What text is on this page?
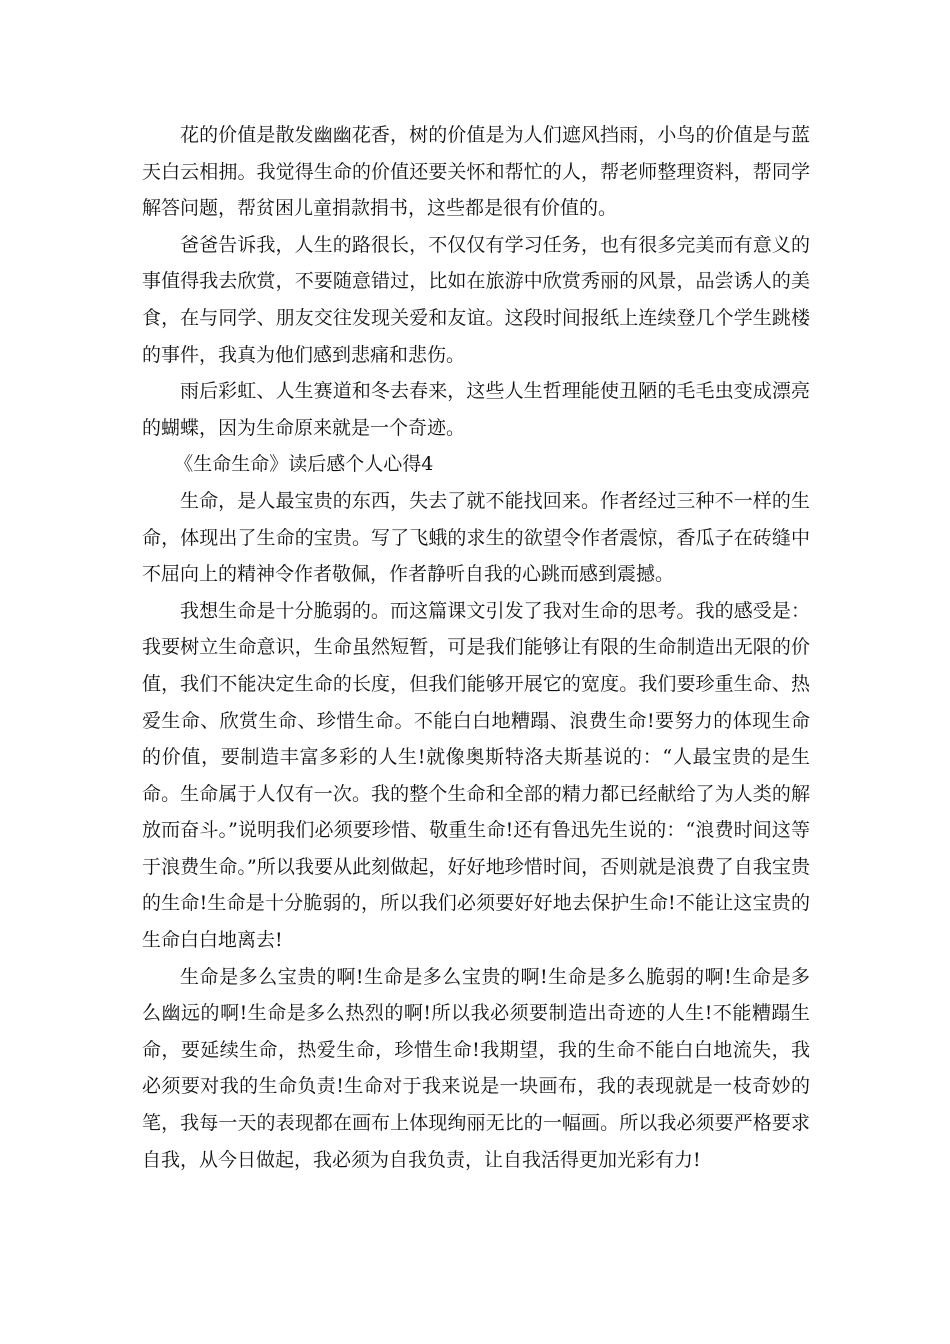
花的价值是散发幽幽花香，树的价值是为人们遮风挡雨，小鸟的价值是与蓝天白云相拥。我觉得生命的价值还要关怀和帮忙的人，帮老师整理资料，帮同学解答问题，帮贫困儿童捐款捐书，这些都是很有价值的。

爸爸告诉我，人生的路很长，不仅仅有学习任务，也有很多完美而有意义的事值得我去欣赏，不要随意错过，比如在旅游中欣赏秀丽的风景，品尝诱人的美食，在与同学、朋友交往发现关爱和友谊。这段时间报纸上连续登几个学生跳楼的事件，我真为他们感到悲痛和悲伤。

雨后彩虹、人生赛道和冬去春来，这些人生哲理能使丑陋的毛毛虫变成漂亮的蝴蝶，因为生命原来就是一个奇迹。

《生命生命》读后感个人心得4

生命，是人最宝贵的东西，失去了就不能找回来。作者经过三种不一样的生命，体现出了生命的宝贵。写了飞蛾的求生的欲望令作者震惊，香瓜子在砖缝中不屈向上的精神令作者敬佩，作者静听自我的心跳而感到震撼。

我想生命是十分脆弱的。而这篇课文引发了我对生命的思考。我的感受是：我要树立生命意识，生命虽然短暂，可是我们能够让有限的生命制造出无限的价值，我们不能决定生命的长度，但我们能够开展它的宽度。我们要珍重生命、热爱生命、欣赏生命、珍惜生命。不能白白地糟蹋、浪费生命!要努力的体现生命的价值，要制造丰富多彩的人生!就像奥斯特洛夫斯基说的：“人最宝贵的是生命。生命属于人仅有一次。我的整个生命和全部的精力都已经献给了为人类的解放而奋斗。”说明我们必须要珍惜、敬重生命!还有鲁迅先生说的：“浪费时间这等于浪费生命。”所以我要从此刻做起，好好地珍惜时间，否则就是浪费了自我宝贵的生命!生命是十分脆弱的，所以我们必须要好好地去保护生命!不能让这宝贵的生命白白地离去!

生命是多么宝贵的啊!生命是多么宝贵的啊!生命是多么脆弱的啊!生命是多么幽远的啊!生命是多么热烈的啊!所以我必须要制造出奇迹的人生!不能糟蹋生命，要延续生命，热爱生命，珍惜生命!我期望，我的生命不能白白地流失，我必须要对我的生命负责!生命对于我来说是一块画布，我的表现就是一枝奇妙的笔，我每一天的表现都在画布上体现绚丽无比的一幅画。所以我必须要严格要求自我，从今日做起，我必须为自我负责，让自我活得更加光彩有力!
